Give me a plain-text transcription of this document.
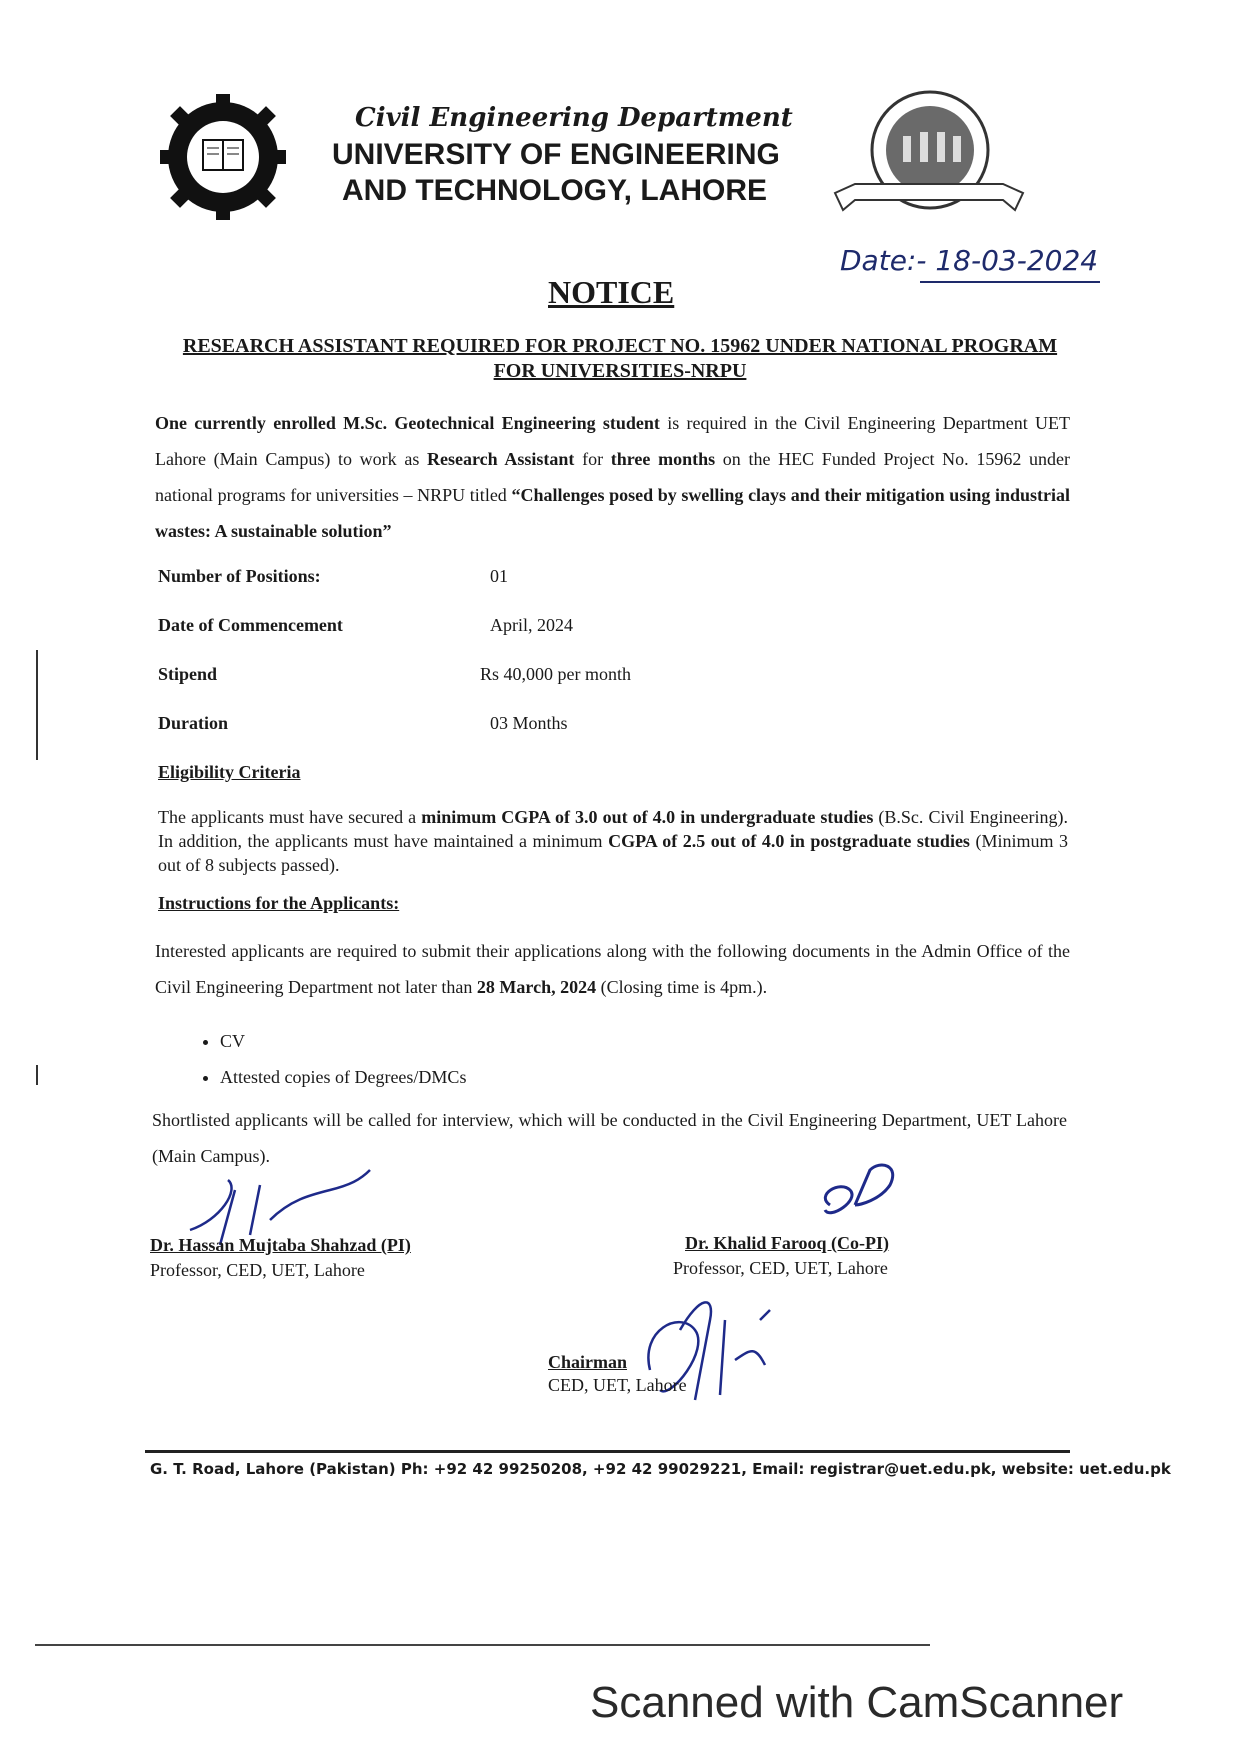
Civil Engineering Department
UNIVERSITY OF ENGINEERING
AND TECHNOLOGY, LAHORE
Date:- 18-03-2024
NOTICE
RESEARCH ASSISTANT REQUIRED FOR PROJECT NO. 15962 UNDER NATIONAL PROGRAM FOR UNIVERSITIES-NRPU
One currently enrolled M.Sc. Geotechnical Engineering student is required in the Civil Engineering Department UET Lahore (Main Campus) to work as Research Assistant for three months on the HEC Funded Project No. 15962 under national programs for universities – NRPU titled “Challenges posed by swelling clays and their mitigation using industrial wastes: A sustainable solution”
Number of Positions:	01
Date of Commencement	April, 2024
Stipend	Rs 40,000 per month
Duration	03 Months
Eligibility Criteria
The applicants must have secured a minimum CGPA of 3.0 out of 4.0 in undergraduate studies (B.Sc. Civil Engineering). In addition, the applicants must have maintained a minimum CGPA of 2.5 out of 4.0 in postgraduate studies (Minimum 3 out of 8 subjects passed).
Instructions for the Applicants:
Interested applicants are required to submit their applications along with the following documents in the Admin Office of the Civil Engineering Department not later than 28 March, 2024 (Closing time is 4pm.).
• CV
• Attested copies of Degrees/DMCs
Shortlisted applicants will be called for interview, which will be conducted in the Civil Engineering Department, UET Lahore (Main Campus).
Dr. Hassan Mujtaba Shahzad (PI)
Professor, CED, UET, Lahore
Dr. Khalid Farooq (Co-PI)
Professor, CED, UET, Lahore
Chairman
CED, UET, Lahore
G. T. Road, Lahore (Pakistan) Ph: +92 42 99250208, +92 42 99029221, Email: registrar@uet.edu.pk, website: uet.edu.pk
Scanned with CamScanner
